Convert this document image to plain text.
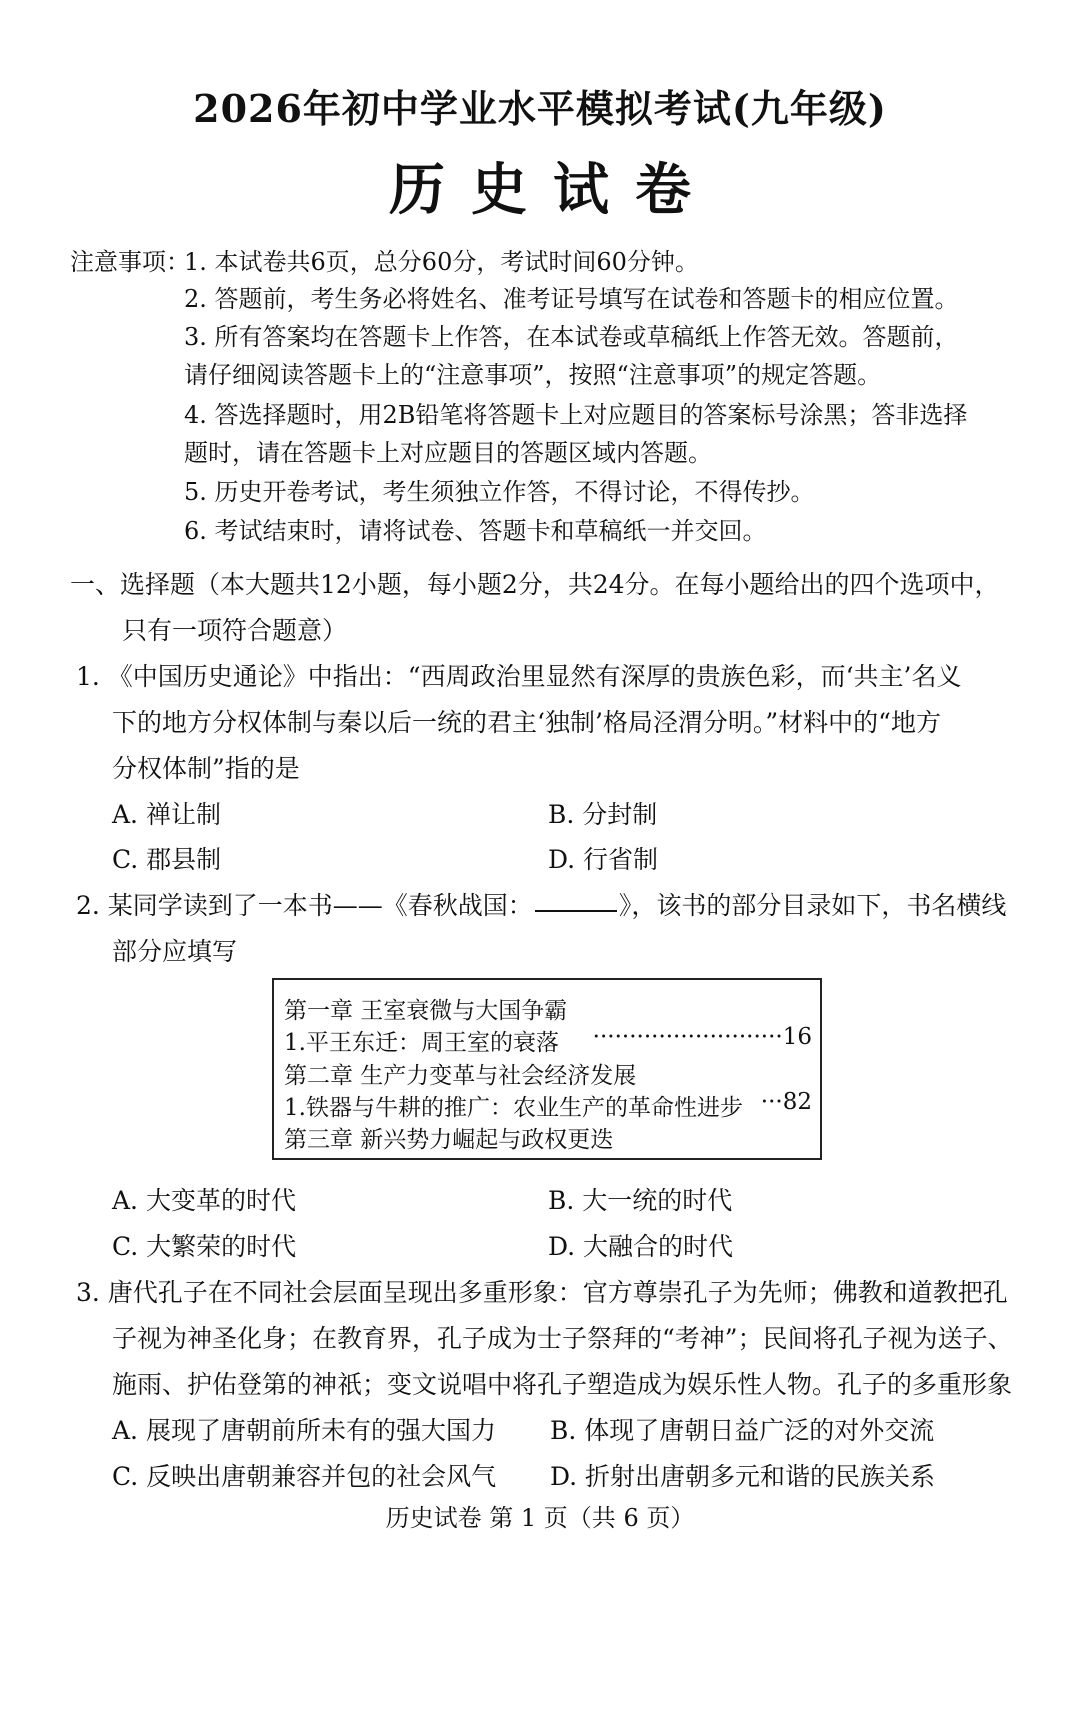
2026年初中学业水平模拟考试(九年级)
历史试卷
注意事项：
1. 本试卷共6页，总分60分，考试时间60分钟。
2. 答题前，考生务必将姓名、准考证号填写在试卷和答题卡的相应位置。
3. 所有答案均在答题卡上作答，在本试卷或草稿纸上作答无效。答题前，
请仔细阅读答题卡上的“注意事项”，按照“注意事项”的规定答题。
4. 答选择题时，用2B铅笔将答题卡上对应题目的答案标号涂黑；答非选择
题时，请在答题卡上对应题目的答题区域内答题。
5. 历史开卷考试，考生须独立作答，不得讨论，不得传抄。
6. 考试结束时，请将试卷、答题卡和草稿纸一并交回。
一、选择题（本大题共12小题，每小题2分，共24分。在每小题给出的四个选项中，
只有一项符合题意）
1. 《中国历史通论》中指出：“西周政治里显然有深厚的贵族色彩，而‘共主’名义
下的地方分权体制与秦以后一统的君主‘独制’格局泾渭分明。”材料中的“地方
分权体制”指的是
A. 禅让制	B. 分封制
C. 郡县制	D. 行省制
2. 某同学读到了一本书——《春秋战国：	》，该书的部分目录如下，书名横线
部分应填写
第一章 王室衰微与大国争霸
1.平王东迁：周王室的衰落 ··························16
第二章 生产力变革与社会经济发展
1.铁器与牛耕的推广：农业生产的革命性进步 ···82
第三章 新兴势力崛起与政权更迭
A. 大变革的时代	B. 大一统的时代
C. 大繁荣的时代	D. 大融合的时代
3. 唐代孔子在不同社会层面呈现出多重形象：官方尊崇孔子为先师；佛教和道教把孔
子视为神圣化身；在教育界，孔子成为士子祭拜的“考神”；民间将孔子视为送子、
施雨、护佑登第的神祇；变文说唱中将孔子塑造成为娱乐性人物。孔子的多重形象
A. 展现了唐朝前所未有的强大国力 B. 体现了唐朝日益广泛的对外交流
C. 反映出唐朝兼容并包的社会风气 D. 折射出唐朝多元和谐的民族关系
历史试卷 第 1 页（共 6 页）
